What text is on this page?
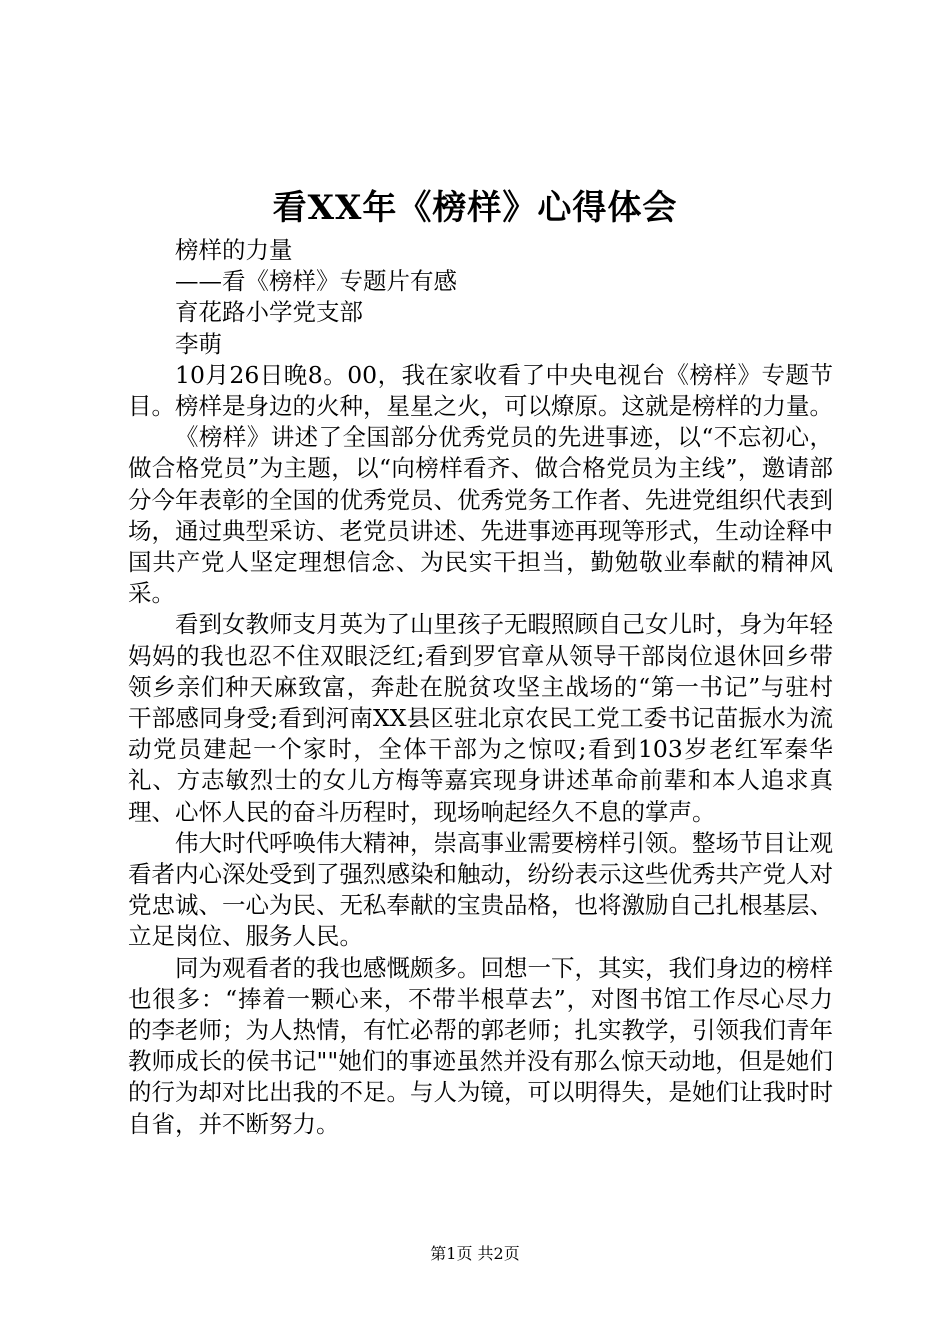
看XX年《榜样》心得体会

榜样的力量

——看《榜样》专题片有感

育花路小学党支部

李萌

10月26日晚8。00，我在家收看了中央电视台《榜样》专题节目。榜样是身边的火种，星星之火，可以燎原。这就是榜样的力量。

《榜样》讲述了全国部分优秀党员的先进事迹，以“不忘初心，做合格党员”为主题，以“向榜样看齐、做合格党员为主线”，邀请部分今年表彰的全国的优秀党员、优秀党务工作者、先进党组织代表到场，通过典型采访、老党员讲述、先进事迹再现等形式，生动诠释中国共产党人坚定理想信念、为民实干担当，勤勉敬业奉献的精神风采。

看到女教师支月英为了山里孩子无暇照顾自己女儿时，身为年轻妈妈的我也忍不住双眼泛红;看到罗官章从领导干部岗位退休回乡带领乡亲们种天麻致富，奔赴在脱贫攻坚主战场的“第一书记”与驻村干部感同身受;看到河南XX县区驻北京农民工党工委书记苗振水为流动党员建起一个家时，全体干部为之惊叹;看到103岁老红军秦华礼、方志敏烈士的女儿方梅等嘉宾现身讲述革命前辈和本人追求真理、心怀人民的奋斗历程时，现场响起经久不息的掌声。

伟大时代呼唤伟大精神，崇高事业需要榜样引领。整场节目让观看者内心深处受到了强烈感染和触动，纷纷表示这些优秀共产党人对党忠诚、一心为民、无私奉献的宝贵品格，也将激励自己扎根基层、立足岗位、服务人民。

同为观看者的我也感慨颇多。回想一下，其实，我们身边的榜样也很多：“捧着一颗心来，不带半根草去”，对图书馆工作尽心尽力的李老师；为人热情，有忙必帮的郭老师；扎实教学，引领我们青年教师成长的侯书记""她们的事迹虽然并没有那么惊天动地，但是她们的行为却对比出我的不足。与人为镜，可以明得失，是她们让我时时自省，并不断努力。

第1页 共2页
